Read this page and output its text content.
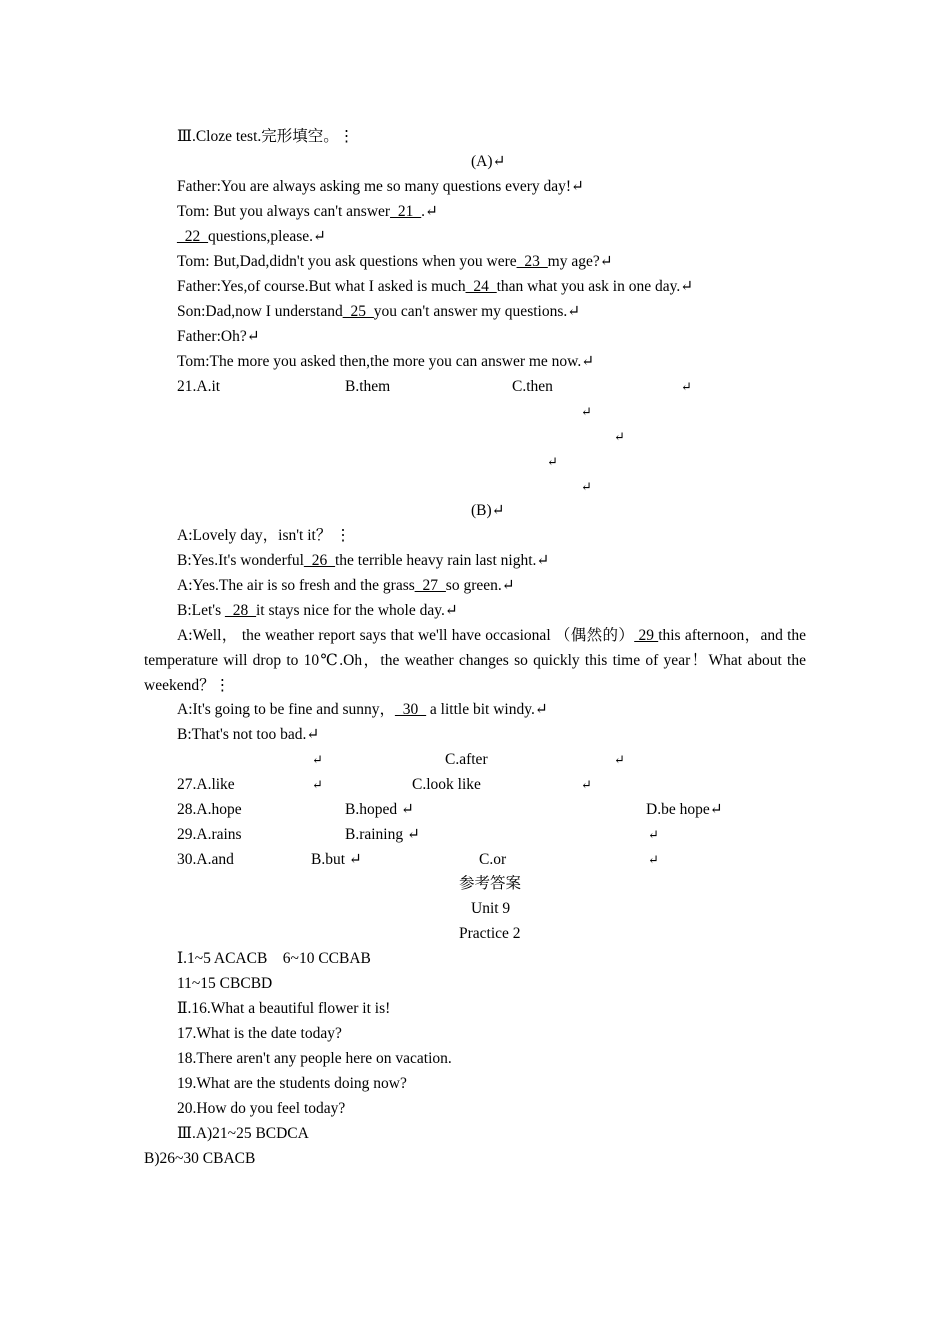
Ⅲ.Cloze test.完形填空。⋮
(A)↵
Father:You are always asking me so many questions every day!↵
Tom: But you always can't answer_21_.↵
_22_questions,please.↵
Tom: But,Dad,didn't you ask questions when you were_23_my age?↵
Father:Yes,of course.But what I asked is much_24_than what you ask in one day.↵
Son:Dad,now I understand_25_you can't answer my questions.↵
Father:Oh?↵
Tom:The more you asked then,the more you can answer me now.↵
21.A.it	B.them	C.then	↵
↵
↵
↵
↵
(B)↵
A:Lovely day，isn't it？ ⋮
B:Yes.It's wonderful_26_the terrible heavy rain last night.↵
A:Yes.The air is so fresh and the grass_27_so green.↵
B:Let's _28_it stays nice for the whole day.↵
A:Well， the weather report says that we'll have occasional （偶然的） 29 this afternoon，and the temperature will drop to 10℃.Oh，the weather changes so quickly this time of year！What about the weekend？⋮
A:It's going to be fine and sunny，_30_ a little bit windy.↵
B:That's not too bad.↵
↵	C.after	↵
27.A.like	↵	C.look like	↵
28.A.hope	B.hoped ↵	D.be hope↵
29.A.rains	B.raining ↵	↵
30.A.and	B.but ↵	C.or	↵
参考答案
Unit 9
Practice 2
Ⅰ.1~5 ACACB    6~10 CCBAB
11~15 CBCBD
Ⅱ.16.What a beautiful flower it is!
17.What is the date today?
18.There aren't any people here on vacation.
19.What are the students doing now?
20.How do you feel today?
Ⅲ.A)21~25 BCDCA
B)26~30 CBACB
